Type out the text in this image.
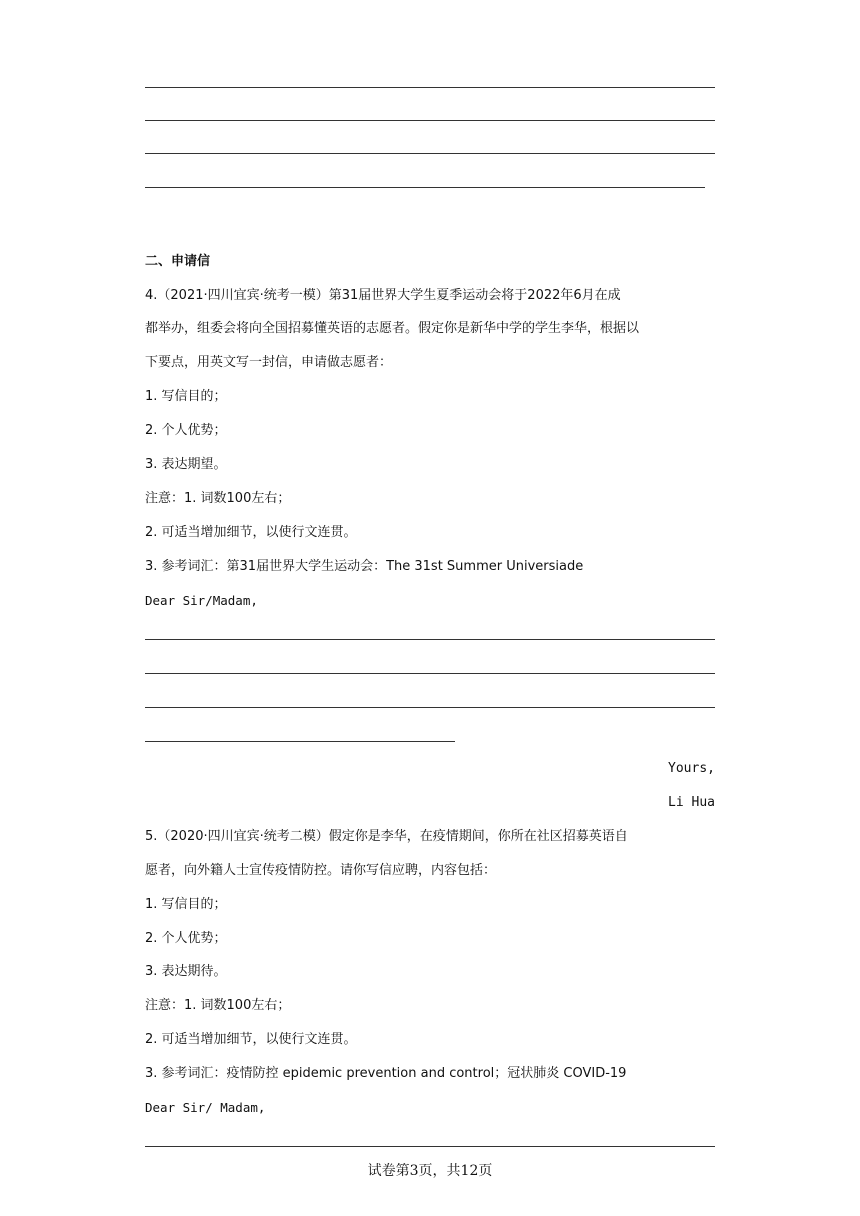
二、申请信
4.（2021·四川宜宾·统考一模）第31届世界大学生夏季运动会将于2022年6月在成
都举办，组委会将向全国招募懂英语的志愿者。假定你是新华中学的学生李华，根据以
下要点，用英文写一封信，申请做志愿者：
1. 写信目的；
2. 个人优势；
3. 表达期望。
注意：1. 词数100左右；
2. 可适当增加细节，以使行文连贯。
3. 参考词汇：第31届世界大学生运动会：The 31st Summer Universiade
Dear Sir/Madam,
Yours,
Li Hua
5.（2020·四川宜宾·统考二模）假定你是李华，在疫情期间，你所在社区招募英语自
愿者，向外籍人士宣传疫情防控。请你写信应聘，内容包括：
1. 写信目的；
2. 个人优势；
3. 表达期待。
注意：1. 词数100左右；
2. 可适当增加细节，以使行文连贯。
3. 参考词汇：疫情防控 epidemic prevention and control；冠状肺炎 COVID-19
Dear Sir/ Madam,
试卷第3页，共12页
